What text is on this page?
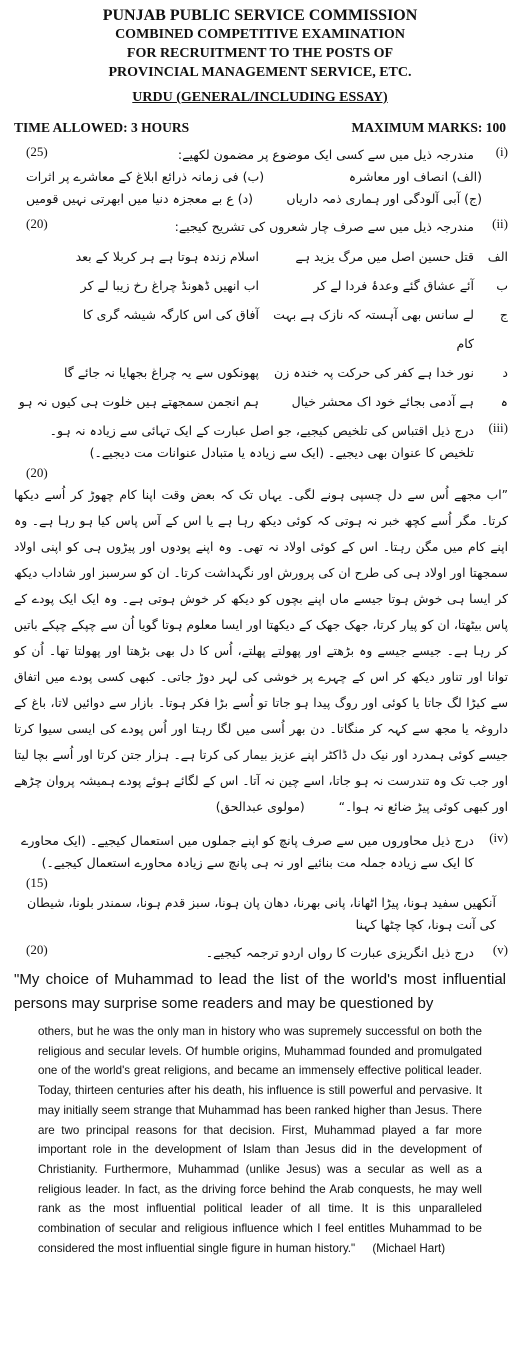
PUNJAB PUBLIC SERVICE COMMISSION
COMBINED COMPETITIVE EXAMINATION
FOR RECRUITMENT TO THE POSTS OF
PROVINCIAL MANAGEMENT SERVICE, ETC.
URDU (GENERAL/INCLUDING ESSAY)
TIME ALLOWED: 3 HOURS	MAXIMUM MARKS: 100
(i)
(25)	مندرجہ ذیل میں سے کسی ایک موضوع پر مضمون لکھیے:
(الف) انصاف اور معاشرہ
(ب) فی زمانہ ذرائع ابلاغ کے معاشرے پر اثرات
(ج) آبی آلودگی اور ہماری ذمہ داریاں
(د) ع بے معجزہ دنیا میں ابھرتی نہیں قومیں
(ii)
(20)	مندرجہ ذیل میں سے صرف چار شعروں کی تشریح کیجیے:
الف
قتل حسین اصل میں مرگ یزید ہے
اسلام زندہ ہوتا ہے ہر کربلا کے بعد
ب
آئے عشاق گئے وعدۂ فردا لے کر
اب انھیں ڈھونڈ چراغ رخ زیبا لے کر
ج
لے سانس بھی آہستہ کہ نازک ہے بہت کام
آفاق کی اس کارگہ شیشہ گری کا
د
نور خدا ہے کفر کی حرکت پہ خندہ زن
پھونکوں سے یہ چراغ بجھایا نہ جائے گا
ہ
ہے آدمی بجائے خود اک محشر خیال
ہم انجمن سمجھتے ہیں خلوت ہی کیوں نہ ہو
(iii)
درج ذیل اقتباس کی تلخیص کیجیے، جو اصل عبارت کے ایک تہائی سے زیادہ نہ ہو۔ تلخیص کا عنوان بھی دیجیے۔ (ایک سے زیادہ یا متبادل عنوانات مت دیجیے۔)
(20)
”اب مجھے اُس سے دل چسپی ہونے لگی۔ یہاں تک کہ بعض وقت اپنا کام چھوڑ کر اُسے دیکھا کرتا۔ مگر اُسے کچھ خبر نہ ہوتی کہ کوئی دیکھ رہا ہے یا اس کے آس پاس کیا ہو رہا ہے۔ وہ اپنے کام میں مگن رہتا۔ اس کے کوئی اولاد نہ تھی۔ وہ اپنے پودوں اور پیڑوں ہی کو اپنی اولاد سمجھتا اور اولاد ہی کی طرح ان کی پرورش اور نگہداشت کرتا۔ ان کو سرسبز اور شاداب دیکھ کر ایسا ہی خوش ہوتا جیسے ماں اپنے بچوں کو دیکھ کر خوش ہوتی ہے۔ وہ ایک ایک پودے کے پاس بیٹھتا، ان کو پیار کرتا، جھک جھک کے دیکھتا اور ایسا معلوم ہوتا گویا اُن سے چپکے چپکے باتیں کر رہا ہے۔ جیسے جیسے وہ بڑھتے اور پھولتے پھلتے، اُس کا دل بھی بڑھتا اور پھولتا تھا۔ اُن کو توانا اور تناور دیکھ کر اس کے چہرے پر خوشی کی لہر دوڑ جاتی۔ کبھی کسی پودے میں اتفاق سے کیڑا لگ جاتا یا کوئی اور روگ پیدا ہو جاتا تو اُسے بڑا فکر ہوتا۔ بازار سے دوائیں لاتا، باغ کے داروغہ یا مجھ سے کہہ کر منگاتا۔ دن بھر اُسی میں لگا رہتا اور اُس پودے کی ایسی سیوا کرتا جیسے کوئی ہمدرد اور نیک دل ڈاکٹر اپنے عزیز بیمار کی کرتا ہے۔ ہزار جتن کرتا اور اُسے بچا لیتا اور جب تک وہ تندرست نہ ہو جاتا، اسے چین نہ آتا۔ اس کے لگائے ہوئے پودے ہمیشہ پروان چڑھے اور کبھی کوئی پیڑ ضائع نہ ہوا۔“ (مولوی عبدالحق)
(iv)
درج ذیل محاوروں میں سے صرف پانچ کو اپنے جملوں میں استعمال کیجیے۔ (ایک محاورے کا ایک سے زیادہ جملہ مت بنائیے اور نہ ہی پانچ سے زیادہ محاورے استعمال کیجیے۔)
(15)
آنکھیں سفید ہونا، پیڑا اٹھانا، پانی بھرنا، دھان پان ہونا، سبز قدم ہونا، سمندر بلونا، شیطان کی آنت ہونا، کچا چٹھا کہنا
(v)
(20)	درج ذیل انگریزی عبارت کا رواں اردو ترجمہ کیجیے۔
"My choice of Muhammad to lead the list of the world's most influential persons may surprise some readers and may be questioned by
others, but he was the only man in history who was supremely successful on both the religious and secular levels. Of humble origins, Muhammad founded and promulgated one of the world's great religions, and became an immensely effective political leader. Today, thirteen centuries after his death, his influence is still powerful and pervasive. It may initially seem strange that Muhammad has been ranked higher than Jesus. There are two principal reasons for that decision. First, Muhammad played a far more important role in the development of Islam than Jesus did in the development of Christianity. Furthermore, Muhammad (unlike Jesus) was a secular as well as a religious leader. In fact, as the driving force behind the Arab conquests, he may well rank as the most influential political leader of all time. It is this unparalleled combination of secular and religious influence which I feel entitles Muhammad to be considered the most influential single figure in human history." (Michael Hart)
